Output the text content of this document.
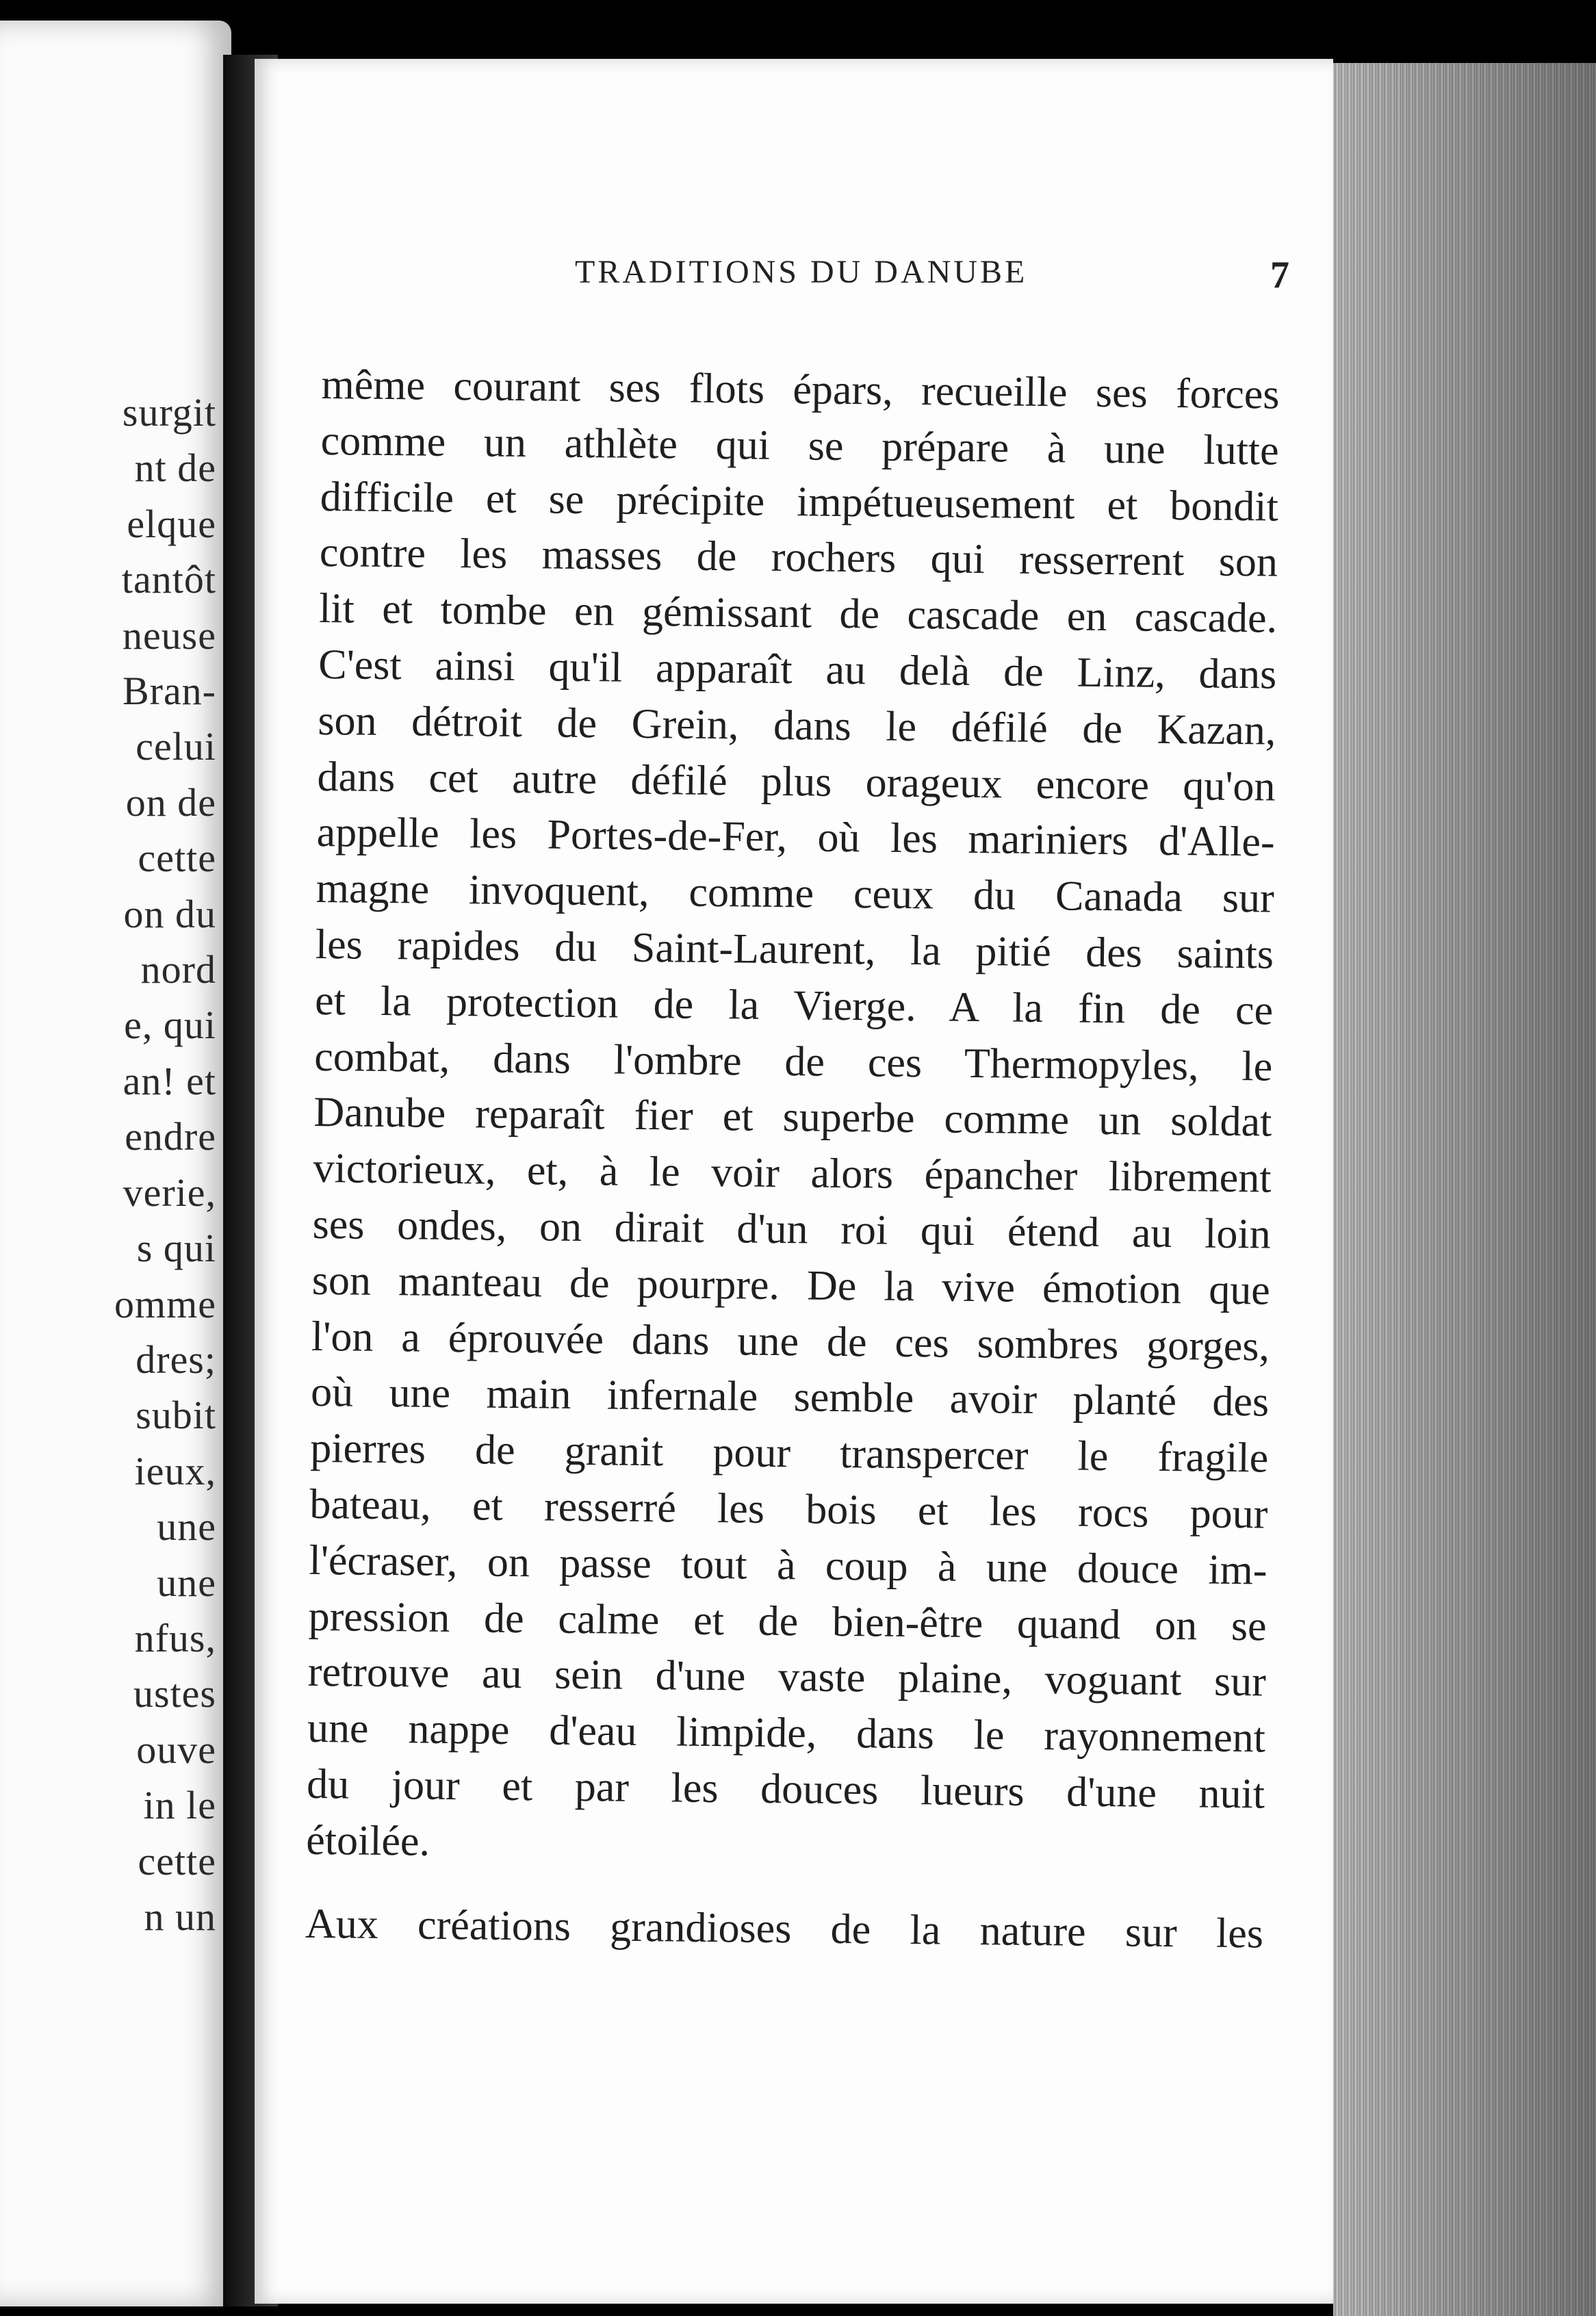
surgit
nt de
elque
tantôt
neuse
Bran-
celui
on de
cette
on du
nord
e, qui
an! et
endre
verie,
s qui
omme
dres;
subit
ieux,
une
une
nfus,
ustes
ouve
in le
cette
n un
TRADITIONS DU DANUBE	7
même courant ses flots épars, recueille ses forces
comme un athlète qui se prépare à une lutte
difficile et se précipite impétueusement et bondit
contre les masses de rochers qui resserrent son
lit et tombe en gémissant de cascade en cascade.
C'est ainsi qu'il apparaît au delà de Linz, dans
son détroit de Grein, dans le défilé de Kazan,
dans cet autre défilé plus orageux encore qu'on
appelle les Portes-de-Fer, où les mariniers d'Alle-
magne invoquent, comme ceux du Canada sur
les rapides du Saint-Laurent, la pitié des saints
et la protection de la Vierge. A la fin de ce
combat, dans l'ombre de ces Thermopyles, le
Danube reparaît fier et superbe comme un soldat
victorieux, et, à le voir alors épancher librement
ses ondes, on dirait d'un roi qui étend au loin
son manteau de pourpre. De la vive émotion que
l'on a éprouvée dans une de ces sombres gorges,
où une main infernale semble avoir planté des
pierres de granit pour transpercer le fragile
bateau, et resserré les bois et les rocs pour
l'écraser, on passe tout à coup à une douce im-
pression de calme et de bien-être quand on se
retrouve au sein d'une vaste plaine, voguant sur
une nappe d'eau limpide, dans le rayonnement
du jour et par les douces lueurs d'une nuit
étoilée.
Aux créations grandioses de la nature sur les
